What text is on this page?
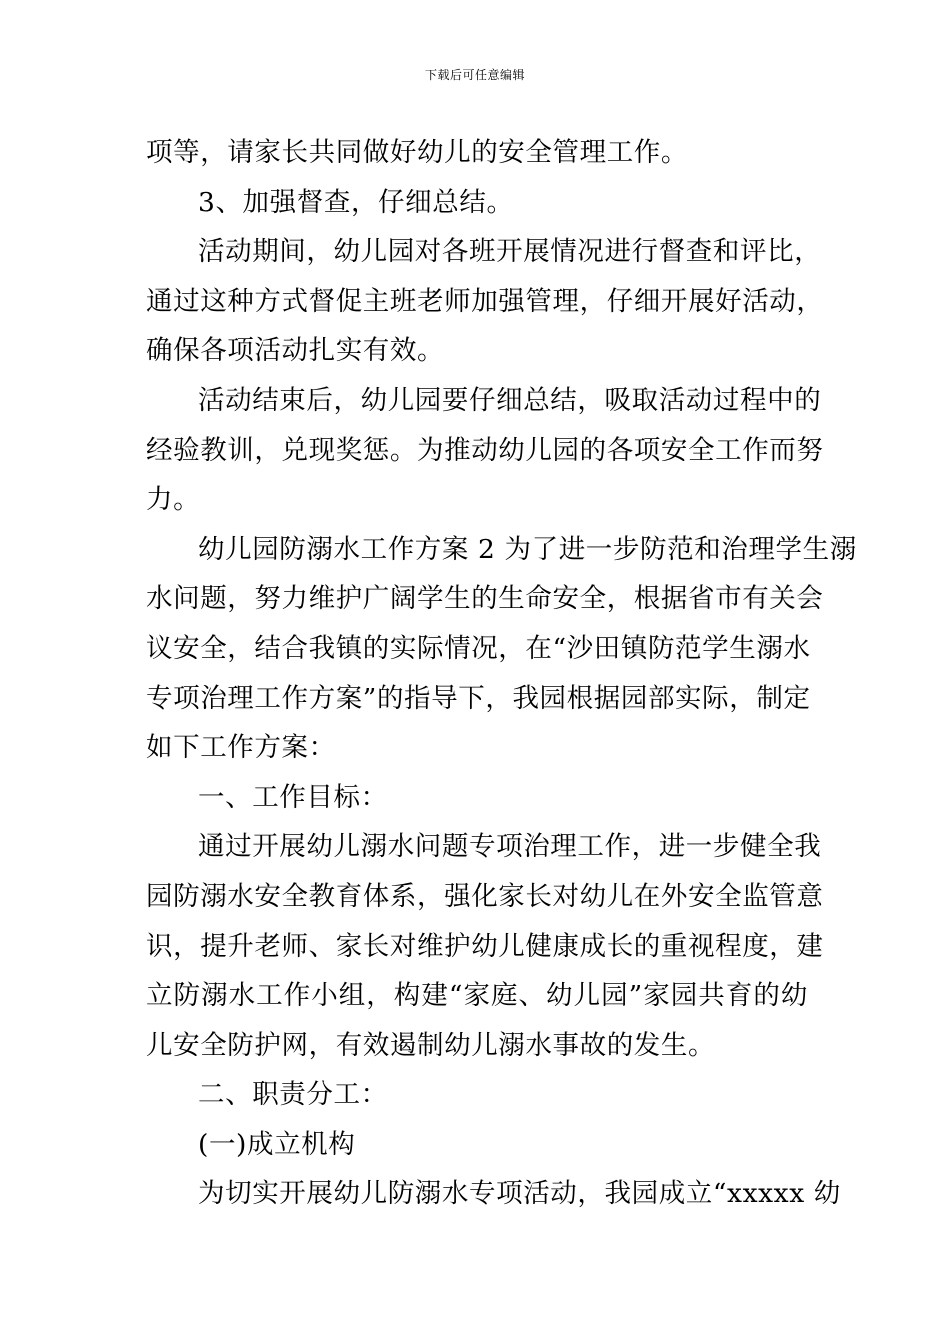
下载后可任意编辑
项等，请家长共同做好幼儿的安全管理工作。
3、加强督查，仔细总结。
活动期间，幼儿园对各班开展情况进行督查和评比，
通过这种方式督促主班老师加强管理，仔细开展好活动，
确保各项活动扎实有效。
活动结束后，幼儿园要仔细总结，吸取活动过程中的
经验教训，兑现奖惩。为推动幼儿园的各项安全工作而努
力。
幼儿园防溺水工作方案 2 为了进一步防范和治理学生溺
水问题，努力维护广阔学生的生命安全，根据省市有关会
议安全，结合我镇的实际情况，在“沙田镇防范学生溺水
专项治理工作方案”的指导下，我园根据园部实际，制定
如下工作方案：
一、工作目标：
通过开展幼儿溺水问题专项治理工作，进一步健全我
园防溺水安全教育体系，强化家长对幼儿在外安全监管意
识，提升老师、家长对维护幼儿健康成长的重视程度，建
立防溺水工作小组，构建“家庭、幼儿园”家园共育的幼
儿安全防护网，有效遏制幼儿溺水事故的发生。
二、职责分工：
(一)成立机构
为切实开展幼儿防溺水专项活动，我园成立“xxxxx 幼
